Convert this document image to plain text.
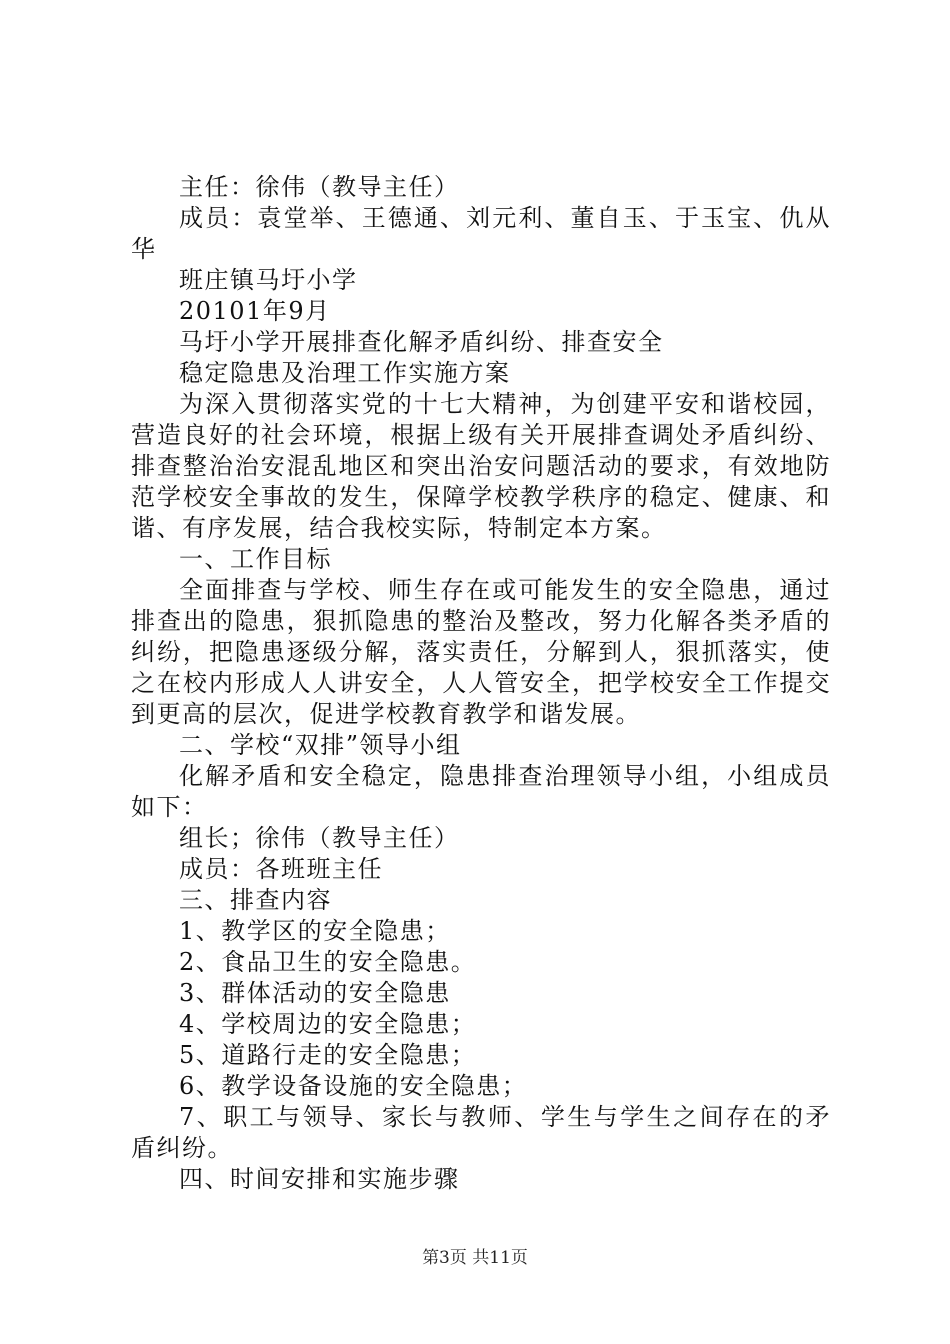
主任：徐伟（教导主任）

成员：袁堂举、王德通、刘元利、董自玉、于玉宝、仇从华

班庄镇马圩小学

20101年9月

马圩小学开展排查化解矛盾纠纷、排查安全

稳定隐患及治理工作实施方案

为深入贯彻落实党的十七大精神，为创建平安和谐校园，营造良好的社会环境，根据上级有关开展排查调处矛盾纠纷、排查整治治安混乱地区和突出治安问题活动的要求，有效地防范学校安全事故的发生，保障学校教学秩序的稳定、健康、和谐、有序发展，结合我校实际，特制定本方案。

一、工作目标

全面排查与学校、师生存在或可能发生的安全隐患，通过排查出的隐患，狠抓隐患的整治及整改，努力化解各类矛盾的纠纷，把隐患逐级分解，落实责任，分解到人，狠抓落实，使之在校内形成人人讲安全，人人管安全，把学校安全工作提交到更高的层次，促进学校教育教学和谐发展。

二、学校“双排”领导小组

化解矛盾和安全稳定，隐患排查治理领导小组，小组成员如下：

组长；徐伟（教导主任）

成员：各班班主任

三、排查内容

1、教学区的安全隐患；

2、食品卫生的安全隐患。

3、群体活动的安全隐患

4、学校周边的安全隐患；

5、道路行走的安全隐患；

6、教学设备设施的安全隐患；

7、职工与领导、家长与教师、学生与学生之间存在的矛盾纠纷。

四、时间安排和实施步骤

第3页 共11页
